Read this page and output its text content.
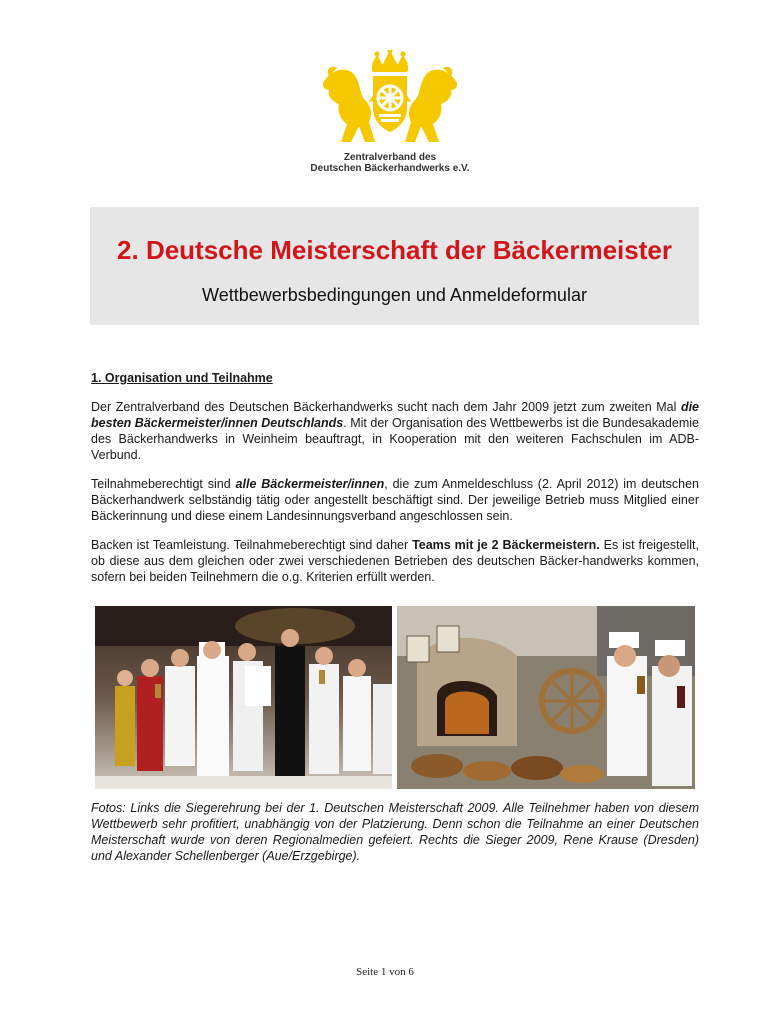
Zentralverband des
Deutschen Bäckerhandwerks e.V.
2. Deutsche Meisterschaft der Bäckermeister
Wettbewerbsbedingungen und Anmeldeformular
1. Organisation und Teilnahme

Der Zentralverband des Deutschen Bäckerhandwerks sucht nach dem Jahr 2009 jetzt zum zweiten Mal die besten Bäckermeister/innen Deutschlands. Mit der Organisation des Wettbewerbs ist die Bundesakademie des Bäckerhandwerks in Weinheim beauftragt, in Kooperation mit den weiteren Fachschulen im ADB-Verbund.

Teilnahmeberechtigt sind alle Bäckermeister/innen, die zum Anmeldeschluss (2. April 2012) im deutschen Bäckerhandwerk selbständig tätig oder angestellt beschäftigt sind. Der jeweilige Betrieb muss Mitglied einer Bäckerinnung und diese einem Landesinnungsverband angeschlossen sein.

Backen ist Teamleistung. Teilnahmeberechtigt sind daher Teams mit je 2 Bäckermeistern. Es ist freigestellt, ob diese aus dem gleichen oder zwei verschiedenen Betrieben des deutschen Bäcker-handwerks kommen, sofern bei beiden Teilnehmern die o.g. Kriterien erfüllt werden.

Fotos: Links die Siegerehrung bei der 1. Deutschen Meisterschaft 2009. Alle Teilnehmer haben von diesem Wettbewerb sehr profitiert, unabhängig von der Platzierung. Denn schon die Teilnahme an einer Deutschen Meisterschaft wurde von deren Regionalmedien gefeiert. Rechts die Sieger 2009, Rene Krause (Dresden) und Alexander Schellenberger (Aue/Erzgebirge).
Seite 1 von 6
